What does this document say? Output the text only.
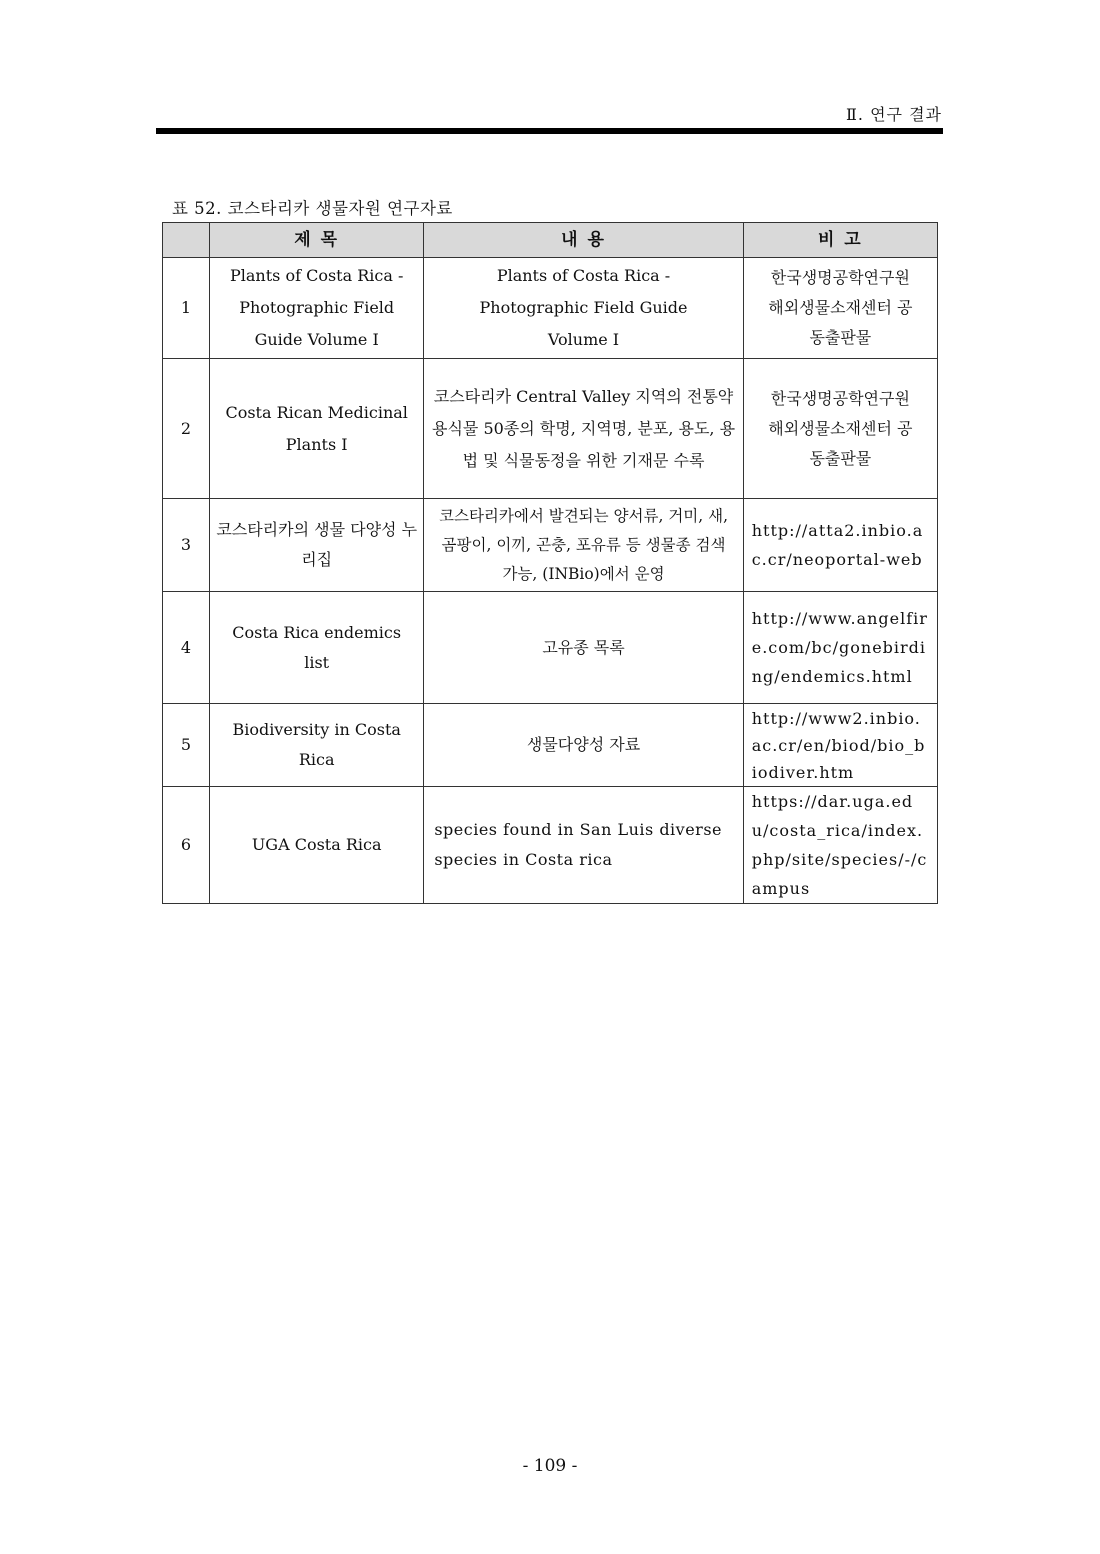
Ⅱ. 연구 결과
표 52. 코스타리카 생물자원 연구자료
	제 목	내 용	비 고
1	Plants of Costa Rica - Photographic Field Guide Volume I	Plants of Costa Rica - Photographic Field Guide Volume I	한국생명공학연구원 해외생물소재센터 공동출판물
2	Costa Rican Medicinal Plants I	코스타리카 Central Valley 지역의 전통약용식물 50종의 학명, 지역명, 분포, 용도, 용법 및 식물동정을 위한 기재문 수록	한국생명공학연구원 해외생물소재센터 공동출판물
3	코스타리카의 생물 다양성 누리집	코스타리카에서 발견되는 양서류, 거미, 새, 곰팡이, 이끼, 곤충, 포유류 등 생물종 검색 가능, (INBio)에서 운영	http://atta2.inbio.ac.cr/neoportal-web
4	Costa Rica endemics list	고유종 목록	http://www.angelfire.com/bc/gonebirding/endemics.html
5	Biodiversity in Costa Rica	생물다양성 자료	http://www2.inbio.ac.cr/en/biod/bio_biodiver.htm
6	UGA Costa Rica	species found in San Luis diverse species in Costa rica	https://dar.uga.edu/costa_rica/index.php/site/species/-/campus
- 109 -
